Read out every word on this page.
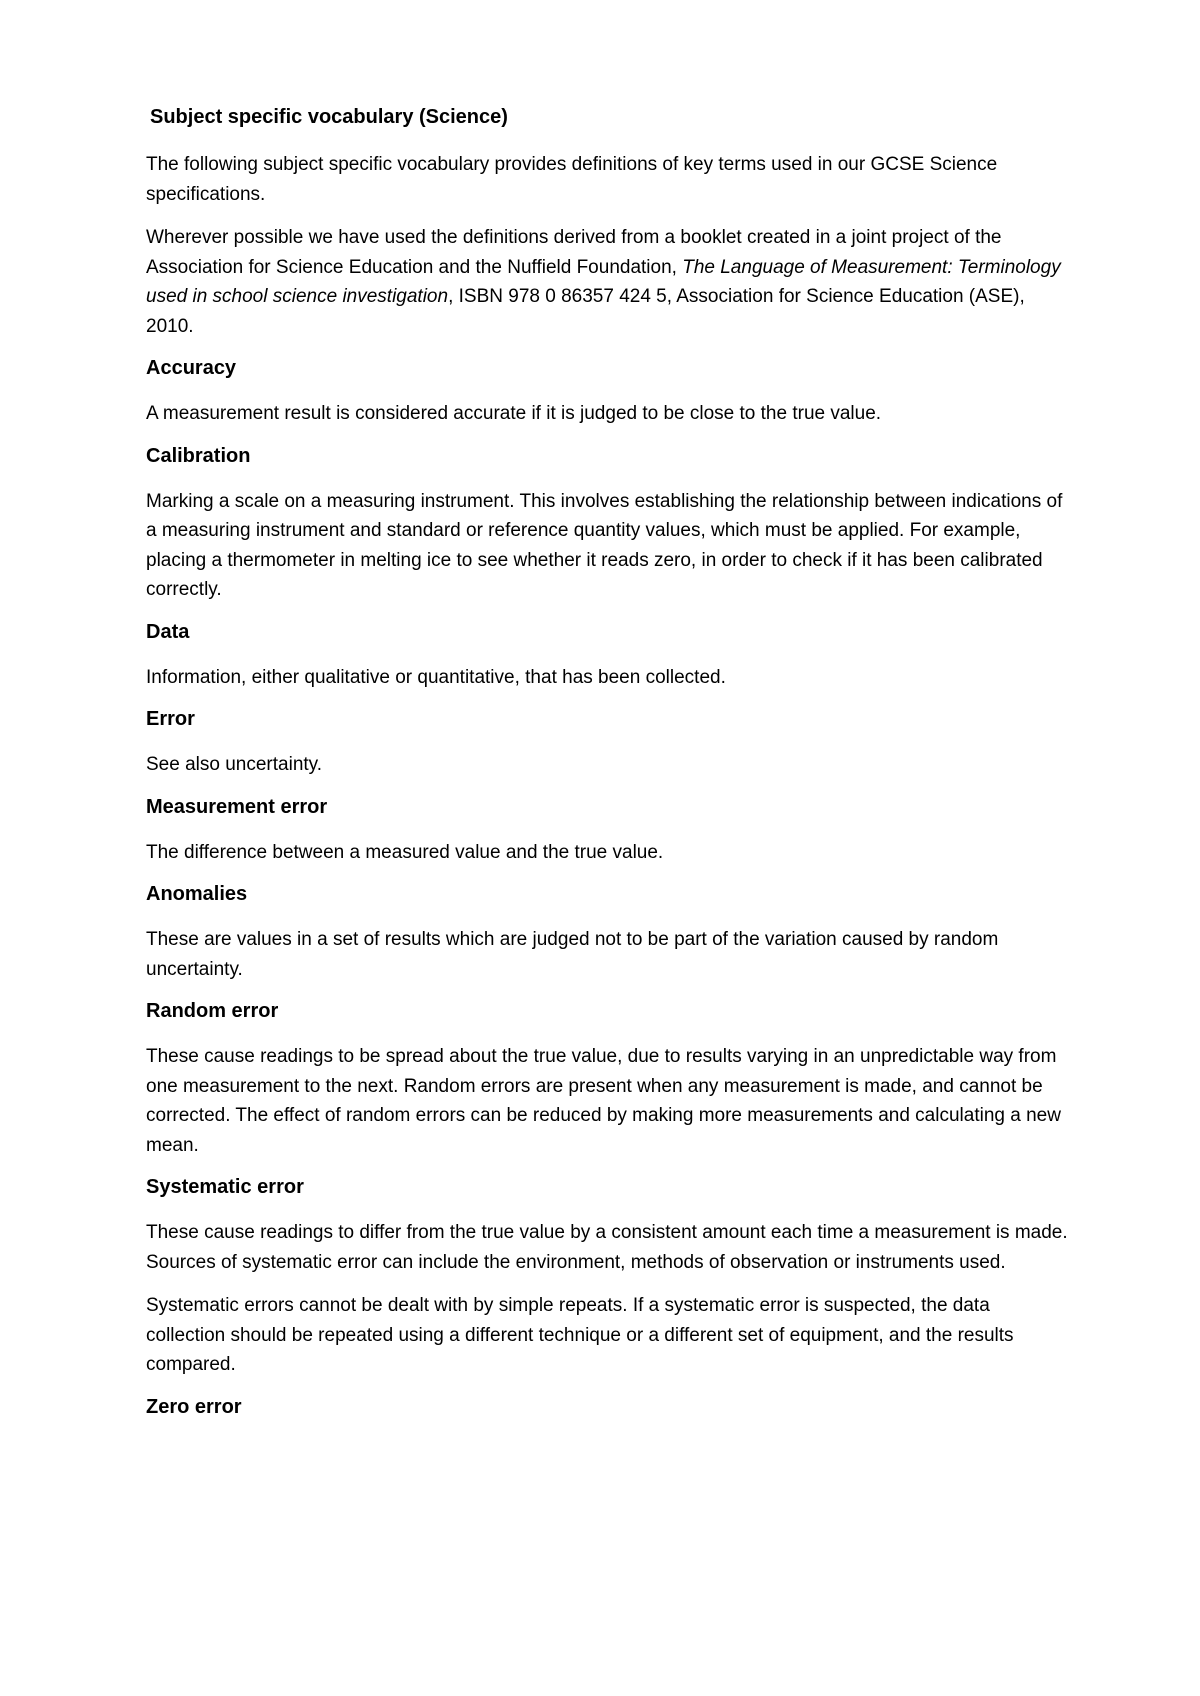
Subject specific vocabulary (Science)

The following subject specific vocabulary provides definitions of key terms used in our GCSE Science specifications.

Wherever possible we have used the definitions derived from a booklet created in a joint project of the Association for Science Education and the Nuffield Foundation, The Language of Measurement: Terminology used in school science investigation, ISBN 978 0 86357 424 5, Association for Science Education (ASE), 2010.

Accuracy

A measurement result is considered accurate if it is judged to be close to the true value.

Calibration

Marking a scale on a measuring instrument. This involves establishing the relationship between indications of a measuring instrument and standard or reference quantity values, which must be applied. For example, placing a thermometer in melting ice to see whether it reads zero, in order to check if it has been calibrated correctly.

Data

Information, either qualitative or quantitative, that has been collected.

Error

See also uncertainty.

Measurement error

The difference between a measured value and the true value.

Anomalies

These are values in a set of results which are judged not to be part of the variation caused by random uncertainty.

Random error

These cause readings to be spread about the true value, due to results varying in an unpredictable way from one measurement to the next. Random errors are present when any measurement is made, and cannot be corrected. The effect of random errors can be reduced by making more measurements and calculating a new mean.

Systematic error

These cause readings to differ from the true value by a consistent amount each time a measurement is made. Sources of systematic error can include the environment, methods of observation or instruments used.

Systematic errors cannot be dealt with by simple repeats. If a systematic error is suspected, the data collection should be repeated using a different technique or a different set of equipment, and the results compared.

Zero error
